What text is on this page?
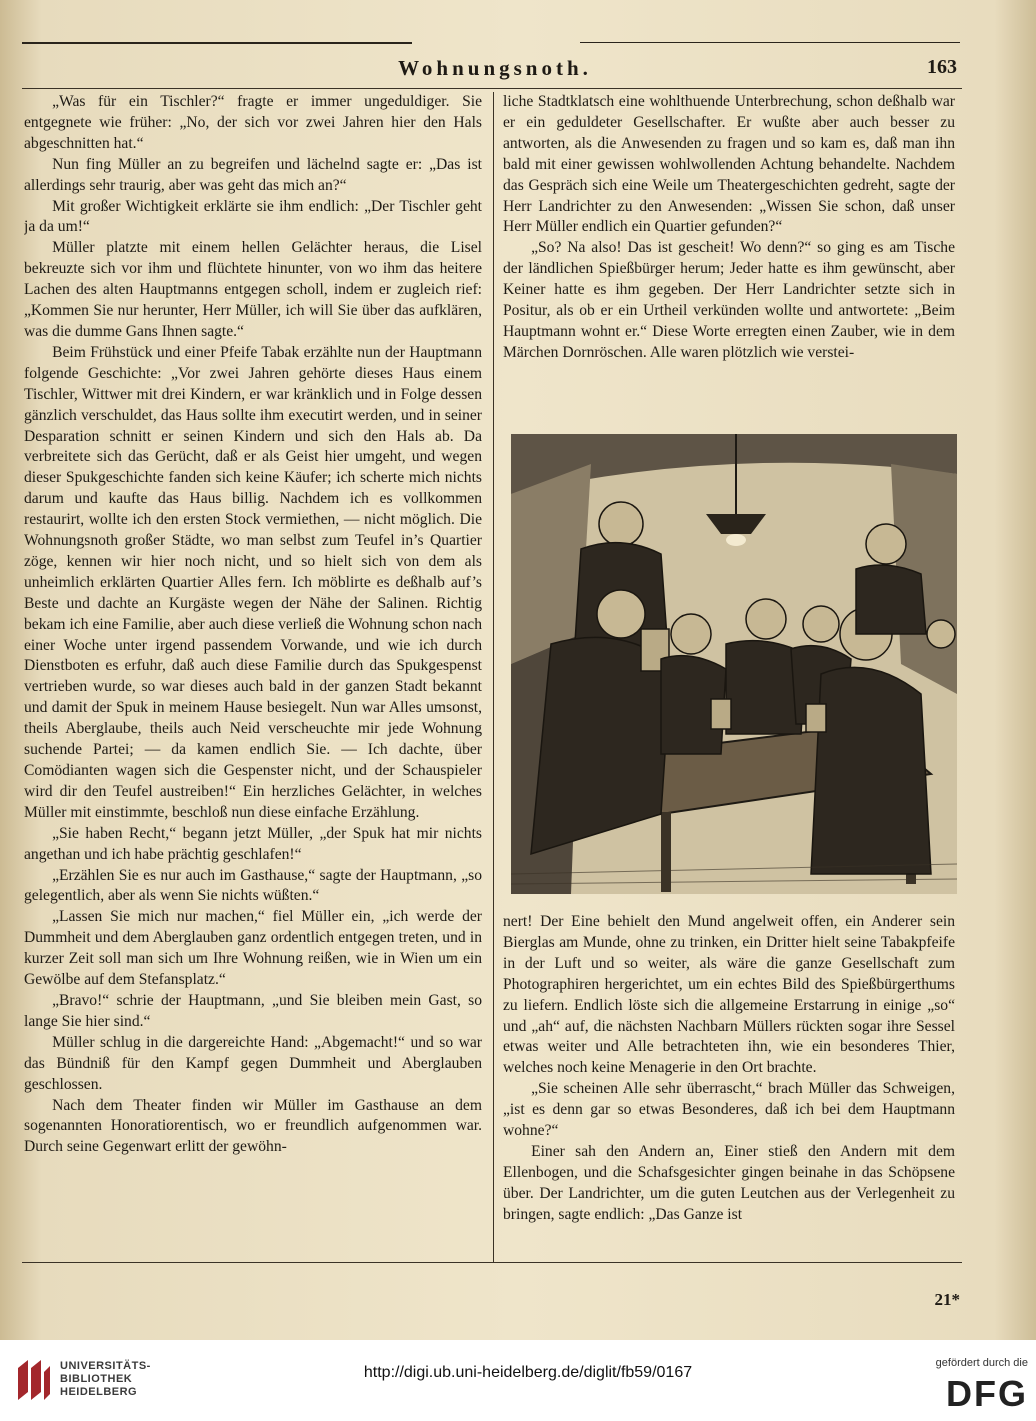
Wohnungsnoth.	163

„Was für ein Tischler?“ fragte er immer ungeduldiger. Sie entgegnete wie früher: „No, der sich vor zwei Jahren hier den Hals abgeschnitten hat.“

Nun fing Müller an zu begreifen und lächelnd sagte er: „Das ist allerdings sehr traurig, aber was geht das mich an?“

Mit großer Wichtigkeit erklärte sie ihm endlich: „Der Tischler geht ja da um!“

Müller platzte mit einem hellen Gelächter heraus, die Lisel bekreuzte sich vor ihm und flüchtete hinunter, von wo ihm das heitere Lachen des alten Hauptmanns entgegen scholl, indem er zugleich rief: „Kommen Sie nur herunter, Herr Müller, ich will Sie über das aufklären, was die dumme Gans Ihnen sagte.“

Beim Frühstück und einer Pfeife Tabak erzählte nun der Hauptmann folgende Geschichte: „Vor zwei Jahren gehörte dieses Haus einem Tischler, Wittwer mit drei Kindern, er war kränklich und in Folge dessen gänzlich verschuldet, das Haus sollte ihm executirt werden, und in seiner Desparation schnitt er seinen Kindern und sich den Hals ab. Da verbreitete sich das Gerücht, daß er als Geist hier umgeht, und wegen dieser Spukgeschichte fanden sich keine Käufer; ich scherte mich nichts darum und kaufte das Haus billig. Nachdem ich es vollkommen restaurirt, wollte ich den ersten Stock vermiethen, — nicht möglich. Die Wohnungsnoth großer Städte, wo man selbst zum Teufel in’s Quartier zöge, kennen wir hier noch nicht, und so hielt sich von dem als unheimlich erklärten Quartier Alles fern. Ich möblirte es deßhalb auf’s Beste und dachte an Kurgäste wegen der Nähe der Salinen. Richtig bekam ich eine Familie, aber auch diese verließ die Wohnung schon nach einer Woche unter irgend passendem Vorwande, und wie ich durch Dienstboten es erfuhr, daß auch diese Familie durch das Spukgespenst vertrieben wurde, so war dieses auch bald in der ganzen Stadt bekannt und damit der Spuk in meinem Hause besiegelt. Nun war Alles umsonst, theils Aberglaube, theils auch Neid verscheuchte mir jede Wohnung suchende Partei; — da kamen endlich Sie. — Ich dachte, über Comödianten wagen sich die Gespenster nicht, und der Schauspieler wird dir den Teufel austreiben!“ Ein herzliches Gelächter, in welches Müller mit einstimmte, beschloß nun diese einfache Erzählung.

„Sie haben Recht,“ begann jetzt Müller, „der Spuk hat mir nichts angethan und ich habe prächtig geschlafen!“

„Erzählen Sie es nur auch im Gasthause,“ sagte der Hauptmann, „so gelegentlich, aber als wenn Sie nichts wüßten.“

„Lassen Sie mich nur machen,“ fiel Müller ein, „ich werde der Dummheit und dem Aberglauben ganz ordentlich entgegen treten, und in kurzer Zeit soll man sich um Ihre Wohnung reißen, wie in Wien um ein Gewölbe auf dem Stefansplatz.“

„Bravo!“ schrie der Hauptmann, „und Sie bleiben mein Gast, so lange Sie hier sind.“

Müller schlug in die dargereichte Hand: „Abgemacht!“ und so war das Bündniß für den Kampf gegen Dummheit und Aberglauben geschlossen.

Nach dem Theater finden wir Müller im Gasthause an dem sogenannten Honoratiorentisch, wo er freundlich aufgenommen war. Durch seine Gegenwart erlitt der gewöhn-

liche Stadtklatsch eine wohlthuende Unterbrechung, schon deßhalb war er ein geduldeter Gesellschafter. Er wußte aber auch besser zu antworten, als die Anwesenden zu fragen und so kam es, daß man ihn bald mit einer gewissen wohlwollenden Achtung behandelte. Nachdem das Gespräch sich eine Weile um Theatergeschichten gedreht, sagte der Herr Landrichter zu den Anwesenden: „Wissen Sie schon, daß unser Herr Müller endlich ein Quartier gefunden?“

„So? Na also! Das ist gescheit! Wo denn?“ so ging es am Tische der ländlichen Spießbürger herum; Jeder hatte es ihm gewünscht, aber Keiner hatte es ihm gegeben. Der Herr Landrichter setzte sich in Positur, als ob er ein Urtheil verkünden wollte und antwortete: „Beim Hauptmann wohnt er.“ Diese Worte erregten einen Zauber, wie in dem Märchen Dornröschen. Alle waren plötzlich wie verstei-

nert! Der Eine behielt den Mund angelweit offen, ein Anderer sein Bierglas am Munde, ohne zu trinken, ein Dritter hielt seine Tabakpfeife in der Luft und so weiter, als wäre die ganze Gesellschaft zum Photographiren hergerichtet, um ein echtes Bild des Spießbürgerthums zu liefern. Endlich löste sich die allgemeine Erstarrung in einige „so“ und „ah“ auf, die nächsten Nachbarn Müllers rückten sogar ihre Sessel etwas weiter und Alle betrachteten ihn, wie ein besonderes Thier, welches noch keine Menagerie in den Ort brachte.

„Sie scheinen Alle sehr überrascht,“ brach Müller das Schweigen, „ist es denn gar so etwas Besonderes, daß ich bei dem Hauptmann wohne?“

Einer sah den Andern an, Einer stieß den Andern mit dem Ellenbogen, und die Schafsgesichter gingen beinahe in das Schöpsene über. Der Landrichter, um die guten Leutchen aus der Verlegenheit zu bringen, sagte endlich: „Das Ganze ist

21*
UNIVERSITÄTS-
BIBLIOTHEK
HEIDELBERG
http://digi.ub.uni-heidelberg.de/diglit/fb59/0167
gefördert durch die
DFG
